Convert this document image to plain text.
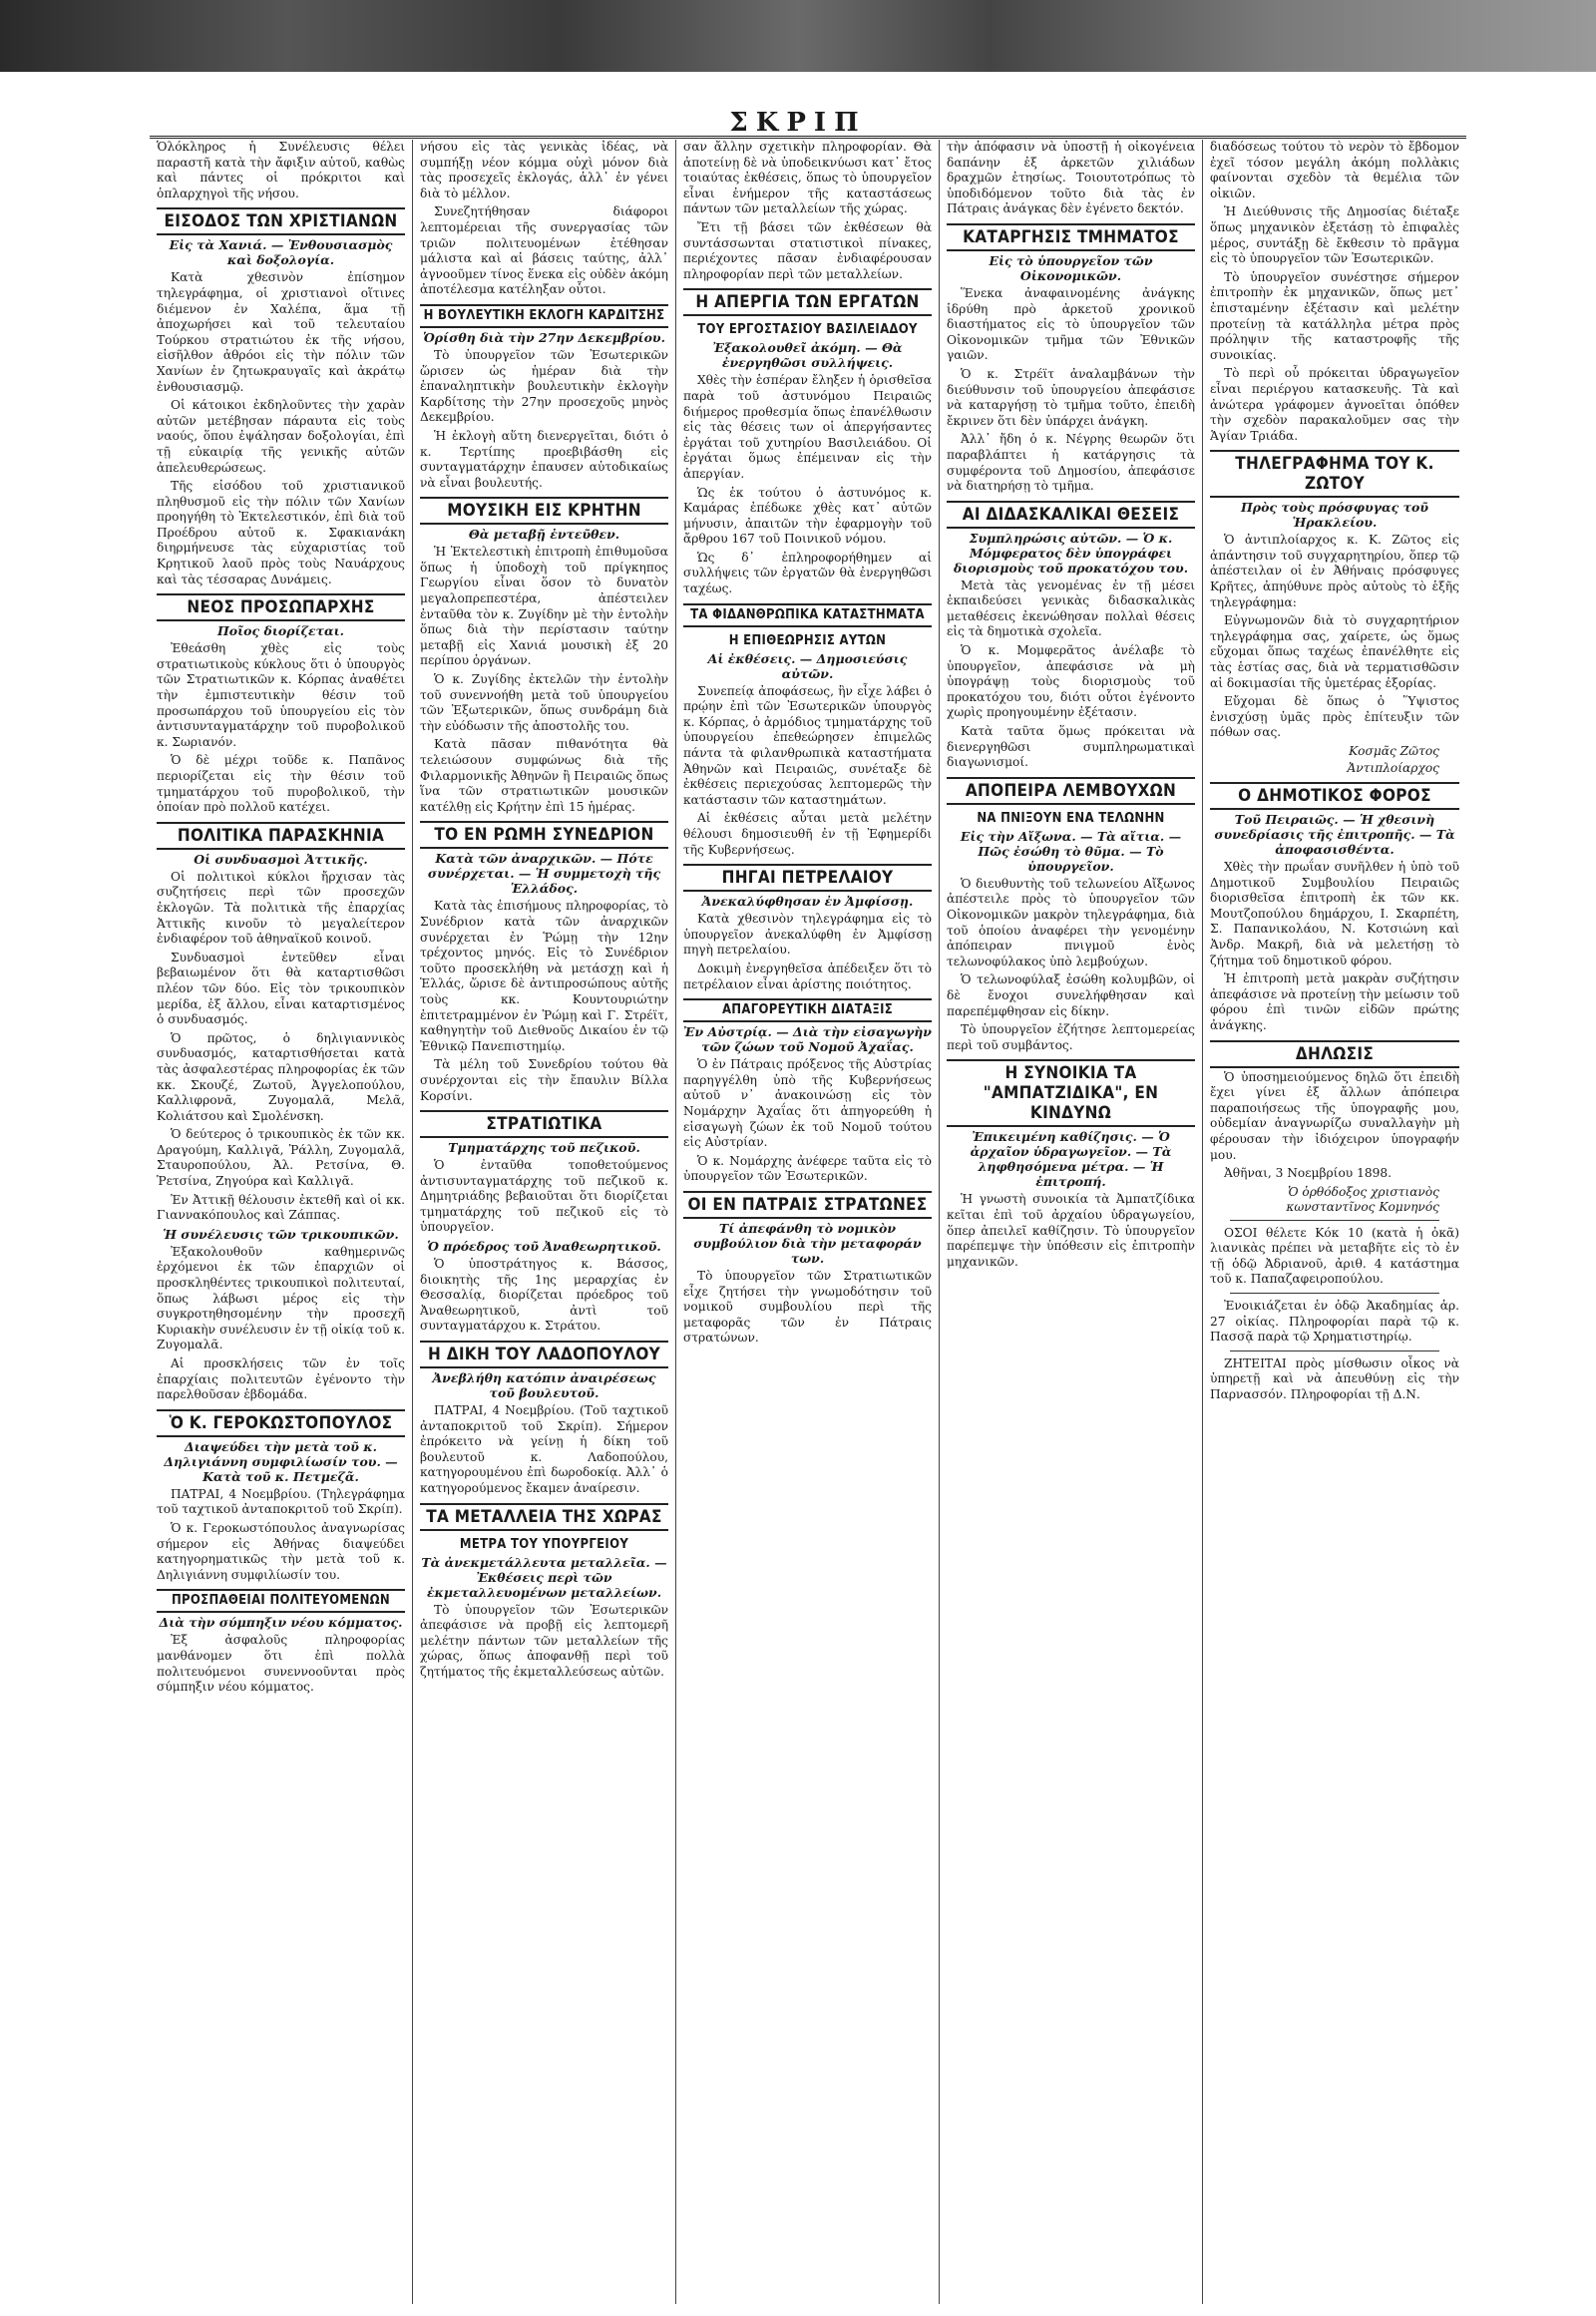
ΣΚΡΙΠ

Ὁλόκληρος ἡ Συνέλευσις θέλει παραστῆ κατὰ τὴν ἄφιξιν αὐτοῦ, καθὼς καὶ πάντες οἱ πρόκριτοι καὶ ὁπλαρχηγοὶ τῆς νήσου.

ΕΙΣΟΔΟΣ ΤΩΝ ΧΡΙΣΤΙΑΝΩΝ
Εἰς τὰ Χανιά. — Ἐνθουσιασμὸς καὶ δοξολογία.

Κατὰ χθεσινὸν ἐπίσημον τηλεγράφημα, οἱ χριστιανοὶ οἵτινες διέμενον ἐν Χαλέπα, ἅμα τῇ ἀποχωρήσει καὶ τοῦ τελευταίου Τούρκου στρατιώτου ἐκ τῆς νήσου, εἰσῆλθον ἀθρόοι εἰς τὴν πόλιν τῶν Χανίων ἐν ζητωκραυγαῖς καὶ ἀκράτῳ ἐνθουσιασμῷ.

Οἱ κάτοικοι ἐκδηλοῦντες τὴν χαρὰν αὐτῶν μετέβησαν πάραυτα εἰς τοὺς ναούς, ὅπου ἐψάλησαν δοξολογίαι, ἐπὶ τῇ εὐκαιρίᾳ τῆς γενικῆς αὐτῶν ἀπελευθερώσεως.

Τῆς εἰσόδου τοῦ χριστιανικοῦ πληθυσμοῦ εἰς τὴν πόλιν τῶν Χανίων προηγήθη τὸ Ἐκτελεστικόν, ἐπὶ διὰ τοῦ Προέδρου αὐτοῦ κ. Σφακιανάκη διηρμήνευσε τὰς εὐχαριστίας τοῦ Κρητικοῦ λαοῦ πρὸς τοὺς Ναυάρχους καὶ τὰς τέσσαρας Δυνάμεις.

ΝΕΟΣ ΠΡΟΣΩΠΑΡΧΗΣ
Ποῖος διορίζεται.

Ἐθεάσθη χθὲς εἰς τοὺς στρατιωτικοὺς κύκλους ὅτι ὁ ὑπουργὸς τῶν Στρατιωτικῶν κ. Κόρπας ἀναθέτει τὴν ἐμπιστευτικὴν θέσιν τοῦ προσωπάρχου τοῦ ὑπουργείου εἰς τὸν ἀντισυνταγματάρχην τοῦ πυροβολικοῦ κ. Σωριανόν.

Ὁ δὲ μέχρι τοῦδε κ. Παπᾶνος περιορίζεται εἰς τὴν θέσιν τοῦ τμηματάρχου τοῦ πυροβολικοῦ, τὴν ὁποίαν πρὸ πολλοῦ κατέχει.

ΠΟΛΙΤΙΚΑ ΠΑΡΑΣΚΗΝΙΑ
Οἱ συνδυασμοὶ Ἀττικῆς.

Οἱ πολιτικοὶ κύκλοι ἤρχισαν τὰς συζητήσεις περὶ τῶν προσεχῶν ἐκλογῶν. Τὰ πολιτικὰ τῆς ἐπαρχίας Ἀττικῆς κινοῦν τὸ μεγαλείτερον ἐνδιαφέρον τοῦ ἀθηναϊκοῦ κοινοῦ.

Συνδυασμοὶ ἐντεῦθεν εἶναι βεβαιωμένον ὅτι θὰ καταρτισθῶσι πλέον τῶν δύο. Εἰς τὸν τρικουπικὸν μερίδα, ἐξ ἄλλου, εἶναι καταρτισμένος ὁ συνδυασμός.

Ὁ πρῶτος, ὁ δηλιγιαννικὸς συνδυασμός, καταρτισθήσεται κατὰ τὰς ἀσφαλεστέρας πληροφορίας ἐκ τῶν κκ. Σκουζέ, Ζωτοῦ, Ἀγγελοπούλου, Καλλιφρονᾶ, Ζυγομαλᾶ, Μελᾶ, Κολιάτσου καὶ Σμολένσκη.

Ὁ δεύτερος ὁ τρικουπικὸς ἐκ τῶν κκ. Δραγούμη, Καλλιγᾶ, Ῥάλλη, Ζυγομαλᾶ, Σταυροπούλου, Ἀλ. Ρετσίνα, Θ. Ῥετσίνα, Ζηγούρα καὶ Καλλιγᾶ.

Ἐν Ἀττικῇ θέλουσιν ἐκτεθῆ καὶ οἱ κκ. Γιαννακόπουλος καὶ Ζάππας.

Ἡ συνέλευσις τῶν τρικουπικῶν.

Ἐξακολουθοῦν καθημερινῶς ἐρχόμενοι ἐκ τῶν ἐπαρχιῶν οἱ προσκληθέντες τρικουπικοὶ πολιτευταί, ὅπως λάβωσι μέρος εἰς τὴν συγκροτηθησομένην τὴν προσεχῆ Κυριακὴν συνέλευσιν ἐν τῇ οἰκίᾳ τοῦ κ. Ζυγομαλᾶ.

Αἱ προσκλήσεις τῶν ἐν τοῖς ἐπαρχίαις πολιτευτῶν ἐγένοντο τὴν παρελθοῦσαν ἑβδομάδα.

Ὁ Κ. ΓΕΡΟΚΩΣΤΟΠΟΥΛΟΣ
Διαψεύδει τὴν μετὰ τοῦ κ. Δηλιγιάννη συμφιλίωσίν του. — Κατὰ τοῦ κ. Πετμεζᾶ.

ΠΑΤΡΑΙ, 4 Νοεμβρίου. (Τηλεγράφημα τοῦ ταχτικοῦ ἀνταποκριτοῦ τοῦ Σκρίπ).

Ὁ κ. Γεροκωστόπουλος ἀναγνωρίσας σήμερον εἰς Ἀθήνας διαψεύδει κατηγορηματικῶς τὴν μετὰ τοῦ κ. Δηλιγιάννη συμφιλίωσίν του.

ΠΡΟΣΠΑΘΕΙΑΙ ΠΟΛΙΤΕΥΟΜΕΝΩΝ
Διὰ τὴν σύμπηξιν νέου κόμματος.

Ἐξ ἀσφαλοῦς πληροφορίας μανθάνομεν ὅτι ἐπὶ πολλὰ πολιτευόμενοι συνεννοοῦνται πρὸς σύμπηξιν νέου κόμματος.

νήσου εἰς τὰς γενικὰς ἰδέας, νὰ συμπήξῃ νέον κόμμα οὐχὶ μόνον διὰ τὰς προσεχεῖς ἐκλογάς, ἀλλ᾽ ἐν γένει διὰ τὸ μέλλον.

Συνεζητήθησαν διάφοροι λεπτομέρειαι τῆς συνεργασίας τῶν τριῶν πολιτευομένων ἐτέθησαν μάλιστα καὶ αἱ βάσεις ταύτης, ἀλλ᾽ ἀγνοοῦμεν τίνος ἕνεκα εἰς οὐδὲν ἀκόμη ἀποτέλεσμα κατέληξαν οὗτοι.

Η ΒΟΥΛΕΥΤΙΚΗ ΕΚΛΟΓΗ ΚΑΡΔΙΤΣΗΣ
Ὁρίσθη διὰ τὴν 27ην Δεκεμβρίου.

Τὸ ὑπουργεῖον τῶν Ἐσωτερικῶν ὥρισεν ὡς ἡμέραν διὰ τὴν ἐπαναληπτικὴν βουλευτικὴν ἐκλογὴν Καρδίτσης τὴν 27ην προσεχοῦς μηνὸς Δεκεμβρίου.

Ἡ ἐκλογὴ αὕτη διενεργεῖται, διότι ὁ κ. Τερτίπης προεβιβάσθη εἰς συνταγματάρχην ἐπαυσεν αὐτοδικαίως νὰ εἶναι βουλευτής.

ΜΟΥΣΙΚΗ ΕΙΣ ΚΡΗΤΗΝ
Θὰ μεταβῇ ἐντεῦθεν.

Ἡ Ἐκτελεστικὴ ἐπιτροπὴ ἐπιθυμοῦσα ὅπως ἡ ὑποδοχὴ τοῦ πρίγκηπος Γεωργίου εἶναι ὅσον τὸ δυνατὸν μεγαλοπρεπεστέρα, ἀπέστειλεν ἐνταῦθα τὸν κ. Ζυγίδην μὲ τὴν ἐντολὴν ὅπως διὰ τὴν περίστασιν ταύτην μεταβῇ εἰς Χανιά μουσικὴ ἐξ 20 περίπου ὀργάνων.

Ὁ κ. Ζυγίδης ἐκτελῶν τὴν ἐντολὴν τοῦ συνεννοήθη μετὰ τοῦ ὑπουργείου τῶν Ἐξωτερικῶν, ὅπως συνδράμη διὰ τὴν εὐόδωσιν τῆς ἀποστολῆς του.

Κατὰ πᾶσαν πιθανότητα θὰ τελειώσουν συμφώνως διὰ τῆς Φιλαρμονικῆς Ἀθηνῶν ἢ Πειραιῶς ὅπως ἵνα τῶν στρατιωτικῶν μουσικῶν κατέλθῃ εἰς Κρήτην ἐπὶ 15 ἡμέρας.

ΤΟ ΕΝ ΡΩΜΗ ΣΥΝΕΔΡΙΟΝ
Κατὰ τῶν ἀναρχικῶν. — Πότε συνέρχεται. — Ἡ συμμετοχὴ τῆς Ἑλλάδος.

Κατὰ τὰς ἐπισήμους πληροφορίας, τὸ Συνέδριον κατὰ τῶν ἀναρχικῶν συνέρχεται ἐν Ῥώμῃ τὴν 12ην τρέχοντος μηνός. Εἰς τὸ Συνέδριον τοῦτο προσεκλήθη νὰ μετάσχῃ καὶ ἡ Ἑλλάς, ὥρισε δὲ ἀντιπροσώπους αὐτῆς τοὺς κκ. Κουντουριώτην ἐπιτετραμμένον ἐν Ῥώμῃ καὶ Γ. Στρέϊτ, καθηγητὴν τοῦ Διεθνοῦς Δικαίου ἐν τῷ Ἐθνικῷ Πανεπιστημίῳ.

Τὰ μέλη τοῦ Συνεδρίου τούτου θὰ συνέρχονται εἰς τὴν ἔπαυλιν Βίλλα Κορσίνι.

ΣΤΡΑΤΙΩΤΙΚΑ
Τμηματάρχης τοῦ πεζικοῦ.

Ὁ ἐνταῦθα τοποθετούμενος ἀντισυνταγματάρχης τοῦ πεζικοῦ κ. Δημητριάδης βεβαιοῦται ὅτι διορίζεται τμηματάρχης τοῦ πεζικοῦ εἰς τὸ ὑπουργεῖον.

Ὁ πρόεδρος τοῦ Ἀναθεωρητικοῦ.

Ὁ ὑποστράτηγος κ. Βάσσος, διοικητὴς τῆς 1ης μεραρχίας ἐν Θεσσαλίᾳ, διορίζεται πρόεδρος τοῦ Ἀναθεωρητικοῦ, ἀντὶ τοῦ συνταγματάρχου κ. Στράτου.

Η ΔΙΚΗ ΤΟΥ ΛΑΔΟΠΟΥΛΟΥ
Ἀνεβλήθη κατόπιν ἀναιρέσεως τοῦ βουλευτοῦ.

ΠΑΤΡΑΙ, 4 Νοεμβρίου. (Τοῦ ταχτικοῦ ἀνταποκριτοῦ τοῦ Σκρίπ). Σήμερον ἐπρόκειτο νὰ γείνῃ ἡ δίκη τοῦ βουλευτοῦ κ. Λαδοπούλου, κατηγορουμένου ἐπὶ δωροδοκίᾳ. Ἀλλ᾽ ὁ κατηγορούμενος ἔκαμεν ἀναίρεσιν.

ΤΑ ΜΕΤΑΛΛΕΙΑ ΤΗΣ ΧΩΡΑΣ
ΜΕΤΡΑ ΤΟΥ ΥΠΟΥΡΓΕΙΟΥ
Τὰ ἀνεκμετάλλευτα μεταλλεῖα. — Ἐκθέσεις περὶ τῶν ἐκμεταλλευομένων μεταλλείων.

Τὸ ὑπουργεῖον τῶν Ἐσωτερικῶν ἀπεφάσισε νὰ προβῇ εἰς λεπτομερῆ μελέτην πάντων τῶν μεταλλείων τῆς χώρας, ὅπως ἀποφανθῇ περὶ τοῦ ζητήματος τῆς ἐκμεταλλεύσεως αὐτῶν.

σαν ἄλλην σχετικὴν πληροφορίαν. Θὰ ἀποτείνῃ δὲ νὰ ὑποδεικνύωσι κατ᾽ ἔτος τοιαύτας ἐκθέσεις, ὅπως τὸ ὑπουργεῖον εἶναι ἐνήμερον τῆς καταστάσεως πάντων τῶν μεταλλείων τῆς χώρας.

Ἔτι τῇ βάσει τῶν ἐκθέσεων θὰ συντάσσωνται στατιστικοὶ πίνακες, περιέχοντες πᾶσαν ἐνδιαφέρουσαν πληροφορίαν περὶ τῶν μεταλλείων.

Η ΑΠΕΡΓΙΑ ΤΩΝ ΕΡΓΑΤΩΝ
ΤΟΥ ΕΡΓΟΣΤΑΣΙΟΥ ΒΑΣΙΛΕΙΑΔΟΥ
Ἐξακολουθεῖ ἀκόμη. — Θὰ ἐνεργηθῶσι συλλήψεις.

Χθὲς τὴν ἑσπέραν ἔληξεν ἡ ὁρισθεῖσα παρὰ τοῦ ἀστυνόμου Πειραιῶς διήμερος προθεσμία ὅπως ἐπανέλθωσιν εἰς τὰς θέσεις των οἱ ἀπεργήσαντες ἐργάται τοῦ χυτηρίου Βασιλειάδου. Οἱ ἐργάται ὅμως ἐπέμειναν εἰς τὴν ἀπεργίαν.

Ὡς ἐκ τούτου ὁ ἀστυνόμος κ. Καμάρας ἐπέδωκε χθὲς κατ᾽ αὐτῶν μήνυσιν, ἀπαιτῶν τὴν ἐφαρμογὴν τοῦ ἄρθρου 167 τοῦ Ποινικοῦ νόμου.

Ὡς δ᾽ ἐπληροφορήθημεν αἱ συλλήψεις τῶν ἐργατῶν θὰ ἐνεργηθῶσι ταχέως.

ΤΑ ΦΙΔΑΝΘΡΩΠΙΚΑ ΚΑΤΑΣΤΗΜΑΤΑ
Η ΕΠΙΘΕΩΡΗΣΙΣ ΑΥΤΩΝ
Αἱ ἐκθέσεις. — Δημοσιεύσις αὐτῶν.

Συνεπείᾳ ἀποφάσεως, ἣν εἶχε λάβει ὁ πρῴην ἐπὶ τῶν Ἐσωτερικῶν ὑπουργὸς κ. Κόρπας, ὁ ἀρμόδιος τμηματάρχης τοῦ ὑπουργείου ἐπεθεώρησεν ἐπιμελῶς πάντα τὰ φιλανθρωπικὰ καταστήματα Ἀθηνῶν καὶ Πειραιῶς, συνέταξε δὲ ἐκθέσεις περιεχούσας λεπτομερῶς τὴν κατάστασιν τῶν καταστημάτων.

Αἱ ἐκθέσεις αὗται μετὰ μελέτην θέλουσι δημοσιευθῆ ἐν τῇ Ἐφημερίδι τῆς Κυβερνήσεως.

ΠΗΓΑΙ ΠΕΤΡΕΛΑΙΟΥ
Ἀνεκαλύφθησαν ἐν Ἀμφίσσῃ.

Κατὰ χθεσινὸν τηλεγράφημα εἰς τὸ ὑπουργεῖον ἀνεκαλύφθη ἐν Ἀμφίσσῃ πηγὴ πετρελαίου.

Δοκιμὴ ἐνεργηθεῖσα ἀπέδειξεν ὅτι τὸ πετρέλαιον εἶναι ἀρίστης ποιότητος.

ΑΠΑΓΟΡΕΥΤΙΚΗ ΔΙΑΤΑΞΙΣ
Ἐν Αὐστρίᾳ. — Διὰ τὴν εἰσαγωγὴν τῶν ζώων τοῦ Νομοῦ Ἀχαΐας.

Ὁ ἐν Πάτραις πρόξενος τῆς Αὐστρίας παρηγγέλθη ὑπὸ τῆς Κυβερνήσεως αὐτοῦ ν᾽ ἀνακοινώσῃ εἰς τὸν Νομάρχην Ἀχαΐας ὅτι ἀπηγορεύθη ἡ εἰσαγωγὴ ζώων ἐκ τοῦ Νομοῦ τούτου εἰς Αὐστρίαν.

Ὁ κ. Νομάρχης ἀνέφερε ταῦτα εἰς τὸ ὑπουργεῖον τῶν Ἐσωτερικῶν.

ΟΙ ΕΝ ΠΑΤΡΑΙΣ ΣΤΡΑΤΩΝΕΣ
Τί ἀπεφάνθη τὸ νομικὸν συμβούλιον διὰ τὴν μεταφοράν των.

Τὸ ὑπουργεῖον τῶν Στρατιωτικῶν εἶχε ζητήσει τὴν γνωμοδότησιν τοῦ νομικοῦ συμβουλίου περὶ τῆς μεταφορᾶς τῶν ἐν Πάτραις στρατώνων.

τὴν ἀπόφασιν νὰ ὑποστῇ ἡ οἰκογένεια δαπάνην ἐξ ἀρκετῶν χιλιάδων δραχμῶν ἐτησίως. Τοιουτοτρόπως τὸ ὑποδιδόμενον τοῦτο διὰ τὰς ἐν Πάτραις ἀνάγκας δὲν ἐγένετο δεκτόν.

ΚΑΤΑΡΓΗΣΙΣ ΤΜΗΜΑΤΟΣ
Εἰς τὸ ὑπουργεῖον τῶν Οἰκονομικῶν.

Ἕνεκα ἀναφαινομένης ἀνάγκης ἱδρύθη πρὸ ἀρκετοῦ χρονικοῦ διαστήματος εἰς τὸ ὑπουργεῖον τῶν Οἰκονομικῶν τμῆμα τῶν Ἐθνικῶν γαιῶν.

Ὁ κ. Στρέϊτ ἀναλαμβάνων τὴν διεύθυνσιν τοῦ ὑπουργείου ἀπεφάσισε νὰ καταργήσῃ τὸ τμῆμα τοῦτο, ἐπειδὴ ἔκρινεν ὅτι δὲν ὑπάρχει ἀνάγκη.

Ἀλλ᾽ ἤδη ὁ κ. Νέγρης θεωρῶν ὅτι παραβλάπτει ἡ κατάργησις τὰ συμφέροντα τοῦ Δημοσίου, ἀπεφάσισε νὰ διατηρήσῃ τὸ τμῆμα.

ΑΙ ΔΙΔΑΣΚΑΛΙΚΑΙ ΘΕΣΕΙΣ
Συμπληρώσις αὐτῶν. — Ὁ κ. Μόμφερατος δὲν ὑπογράφει διορισμοὺς τοῦ προκατόχου του.

Μετὰ τὰς γενομένας ἐν τῇ μέσει ἐκπαιδεύσει γενικὰς διδασκαλικὰς μεταθέσεις ἐκενώθησαν πολλαὶ θέσεις εἰς τὰ δημοτικὰ σχολεῖα.

Ὁ κ. Μομφερᾶτος ἀνέλαβε τὸ ὑπουργεῖον, ἀπεφάσισε νὰ μὴ ὑπογράψῃ τοὺς διορισμοὺς τοῦ προκατόχου του, διότι οὗτοι ἐγένοντο χωρὶς προηγουμένην ἐξέτασιν.

Κατὰ ταῦτα ὅμως πρόκειται νὰ διενεργηθῶσι συμπληρωματικαὶ διαγωνισμοί.

ΑΠΟΠΕΙΡΑ ΛΕΜΒΟΥΧΩΝ
ΝΑ ΠΝΙΞΟΥΝ ΕΝΑ ΤΕΛΩΝΗΝ
Εἰς τὴν Αἴξωνα. — Τὰ αἴτια. — Πῶς ἐσώθη τὸ θῦμα. — Τὸ ὑπουργεῖον.

Ὁ διευθυντὴς τοῦ τελωνείου Αἴξωνος ἀπέστειλε πρὸς τὸ ὑπουργεῖον τῶν Οἰκονομικῶν μακρὸν τηλεγράφημα, διὰ τοῦ ὁποίου ἀναφέρει τὴν γενομένην ἀπόπειραν πνιγμοῦ ἑνὸς τελωνοφύλακος ὑπὸ λεμβούχων.

Ὁ τελωνοφύλαξ ἐσώθη κολυμβῶν, οἱ δὲ ἔνοχοι συνελήφθησαν καὶ παρεπέμφθησαν εἰς δίκην.

Τὸ ὑπουργεῖον ἐζήτησε λεπτομερείας περὶ τοῦ συμβάντος.

Η ΣΥΝΟΙΚΙΑ ΤΑ "ΑΜΠΑΤΖΙΔΙΚΑ", ΕΝ ΚΙΝΔΥΝΩ
Ἐπικειμένη καθίζησις. — Ὁ ἀρχαῖον ὑδραγωγεῖον. — Τὰ ληφθησόμενα μέτρα. — Ἡ ἐπιτροπή.

Ἡ γνωστὴ συνοικία τὰ Ἀμπατζίδικα κεῖται ἐπὶ τοῦ ἀρχαίου ὑδραγωγείου, ὅπερ ἀπειλεῖ καθίζησιν. Τὸ ὑπουργεῖον παρέπεμψε τὴν ὑπόθεσιν εἰς ἐπιτροπὴν μηχανικῶν.

διαδόσεως τούτου τὸ νερὸν τὸ ἔβδομον ἐχεῖ τόσον μεγάλη ἀκόμη πολλὰκις φαίνονται σχεδὸν τὰ θεμέλια τῶν οἰκιῶν.

Ἡ Διεύθυνσις τῆς Δημοσίας διέταξε ὅπως μηχανικὸν ἐξετάσῃ τὸ ἐπιφαλὲς μέρος, συντάξῃ δὲ ἔκθεσιν τὸ πρᾶγμα εἰς τὸ ὑπουργεῖον τῶν Ἐσωτερικῶν.

Τὸ ὑπουργεῖον συνέστησε σήμερον ἐπιτροπὴν ἐκ μηχανικῶν, ὅπως μετ᾽ ἐπισταμένην ἐξέτασιν καὶ μελέτην προτείνῃ τὰ κατάλληλα μέτρα πρὸς πρόληψιν τῆς καταστροφῆς τῆς συνοικίας.

Τὸ περὶ οὗ πρόκειται ὑδραγωγεῖον εἶναι περιέργου κατασκευῆς. Τὰ καὶ ἀνώτερα γράφομεν ἀγνοεῖται ὁπόθεν τὴν σχεδὸν παρακαλοῦμεν σας τὴν Ἁγίαν Τριάδα.

ΤΗΛΕΓΡΑΦΗΜΑ ΤΟΥ Κ. ΖΩΤΟΥ
Πρὸς τοὺς πρόσφυγας τοῦ Ἡρακλείου.

Ὁ ἀντιπλοίαρχος κ. Κ. Ζῶτος εἰς ἀπάντησιν τοῦ συγχαρητηρίου, ὅπερ τῷ ἀπέστειλαν οἱ ἐν Ἀθήναις πρόσφυγες Κρῆτες, ἀπηύθυνε πρὸς αὐτοὺς τὸ ἑξῆς τηλεγράφημα:

Εὐγνωμονῶν διὰ τὸ συγχαρητήριον τηλεγράφημα σας, χαίρετε, ὡς ὅμως εὔχομαι ὅπως ταχέως ἐπανέλθητε εἰς τὰς ἑστίας σας, διὰ νὰ τερματισθῶσιν αἱ δοκιμασίαι τῆς ὑμετέρας ἐξορίας.

Εὔχομαι δὲ ὅπως ὁ Ὕψιστος ἐνισχύσῃ ὑμᾶς πρὸς ἐπίτευξιν τῶν πόθων σας.

Κοσμᾶς Ζῶτος
Ἀντιπλοίαρχος
Ο ΔΗΜΟΤΙΚΟΣ ΦΟΡΟΣ
Τοῦ Πειραιῶς. — Ἡ χθεσινὴ συνεδρίασις τῆς ἐπιτροπῆς. — Τὰ ἀποφασισθέντα.

Χθὲς τὴν πρωΐαν συνῆλθεν ἡ ὑπὸ τοῦ Δημοτικοῦ Συμβουλίου Πειραιῶς διορισθεῖσα ἐπιτροπὴ ἐκ τῶν κκ. Μουτζοπούλου δημάρχου, Ι. Σκαρπέτη, Σ. Παπανικολάου, Ν. Κοτσιώνη καὶ Ἀνδρ. Μακρῆ, διὰ νὰ μελετήσῃ τὸ ζήτημα τοῦ δημοτικοῦ φόρου.

Ἡ ἐπιτροπὴ μετὰ μακρὰν συζήτησιν ἀπεφάσισε νὰ προτείνῃ τὴν μείωσιν τοῦ φόρου ἐπὶ τινῶν εἰδῶν πρώτης ἀνάγκης.

ΔΗΛΩΣΙΣ

Ὁ ὑποσημειούμενος δηλῶ ὅτι ἐπειδὴ ἔχει γίνει ἐξ ἄλλων ἀπόπειρα παραποιήσεως τῆς ὑπογραφῆς μου, οὐδεμίαν ἀναγνωρίζω συναλλαγὴν μὴ φέρουσαν τὴν ἰδιόχειρον ὑπογραφήν μου.

Ἀθῆναι, 3 Νοεμβρίου 1898.

Ὁ ὀρθόδοξος χριστιανὸς κωνσταντῖνος Κομνηνός

ΟΣΟΙ θέλετε Κόκ 10 (κατὰ ἡ ὀκᾶ) λιανικὰς πρέπει νὰ μεταβῆτε εἰς τὸ ἐν τῇ ὁδῷ Ἀδριανοῦ, ἀριθ. 4 κατάστημα τοῦ κ. Παπαζαφειροπούλου.

Ἐνοικιάζεται ἐν ὁδῷ Ἀκαδημίας ἀρ. 27 οἰκίας. Πληροφορίαι παρὰ τῷ κ. Πασσᾷ παρὰ τῷ Χρηματιστηρίῳ.

ΖΗΤΕΙΤΑΙ πρὸς μίσθωσιν οἶκος νὰ ὑπηρετῇ καὶ νὰ ἀπευθύνῃ εἰς τὴν Παρνασσόν. Πληροφορίαι τῇ Δ.Ν.
